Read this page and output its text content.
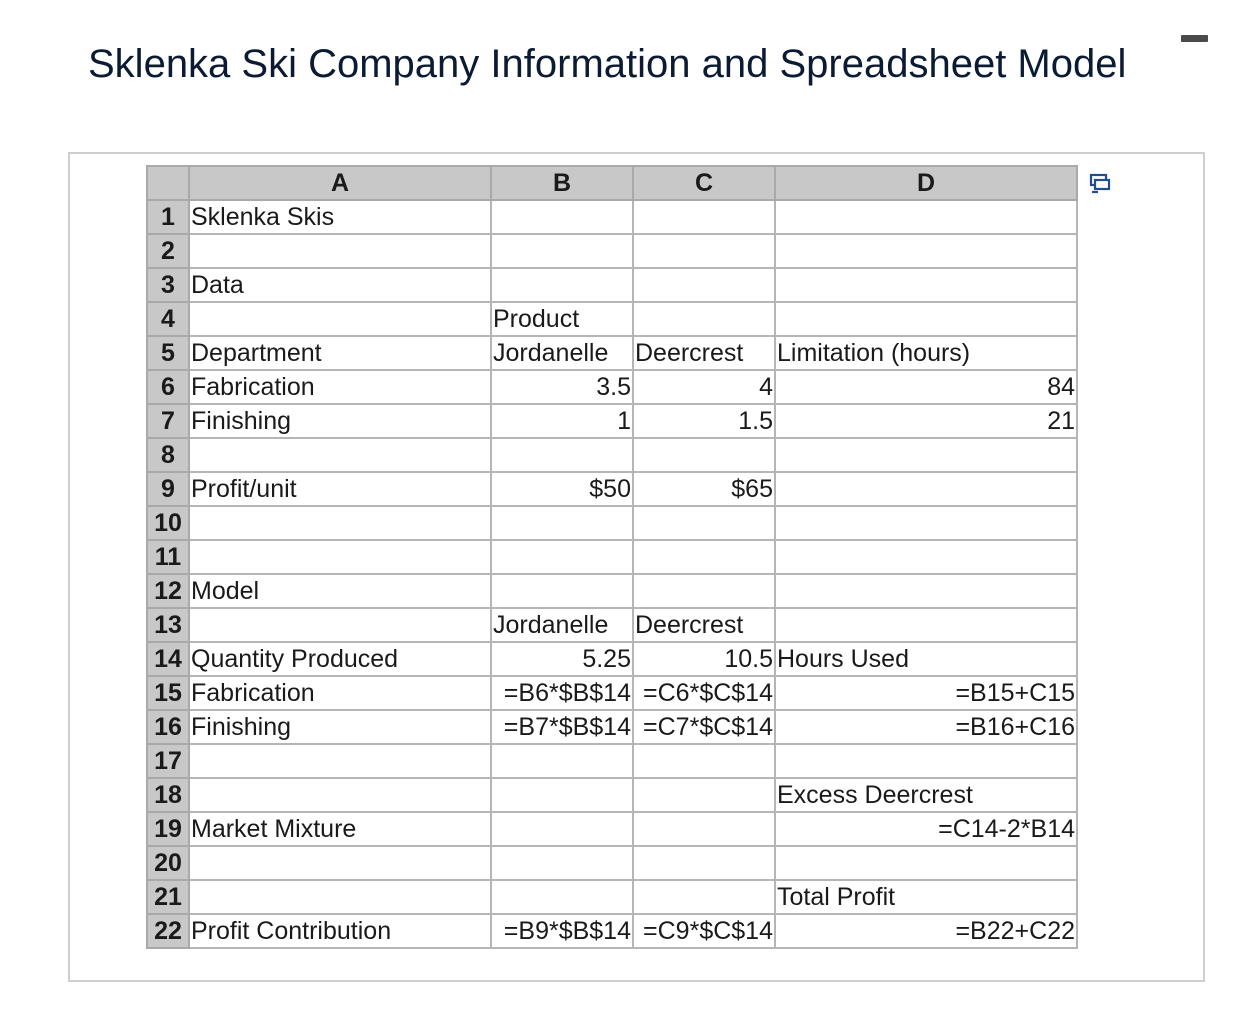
Sklenka Ski Company Information and Spreadsheet Model
	A	B	C	D
1	Sklenka Skis			
2				
3	Data			
4		Product		
5	Department	Jordanelle	Deercrest	Limitation (hours)
6	Fabrication	3.5	4	84
7	Finishing	1	1.5	21
8				
9	Profit/unit	$50	$65	
10				
11				
12	Model			
13		Jordanelle	Deercrest	
14	Quantity Produced	5.25	10.5	Hours Used
15	Fabrication	=B6*$B$14	=C6*$C$14	=B15+C15
16	Finishing	=B7*$B$14	=C7*$C$14	=B16+C16
17				
18				Excess Deercrest
19	Market Mixture			=C14-2*B14
20				
21				Total Profit
22	Profit Contribution	=B9*$B$14	=C9*$C$14	=B22+C22
